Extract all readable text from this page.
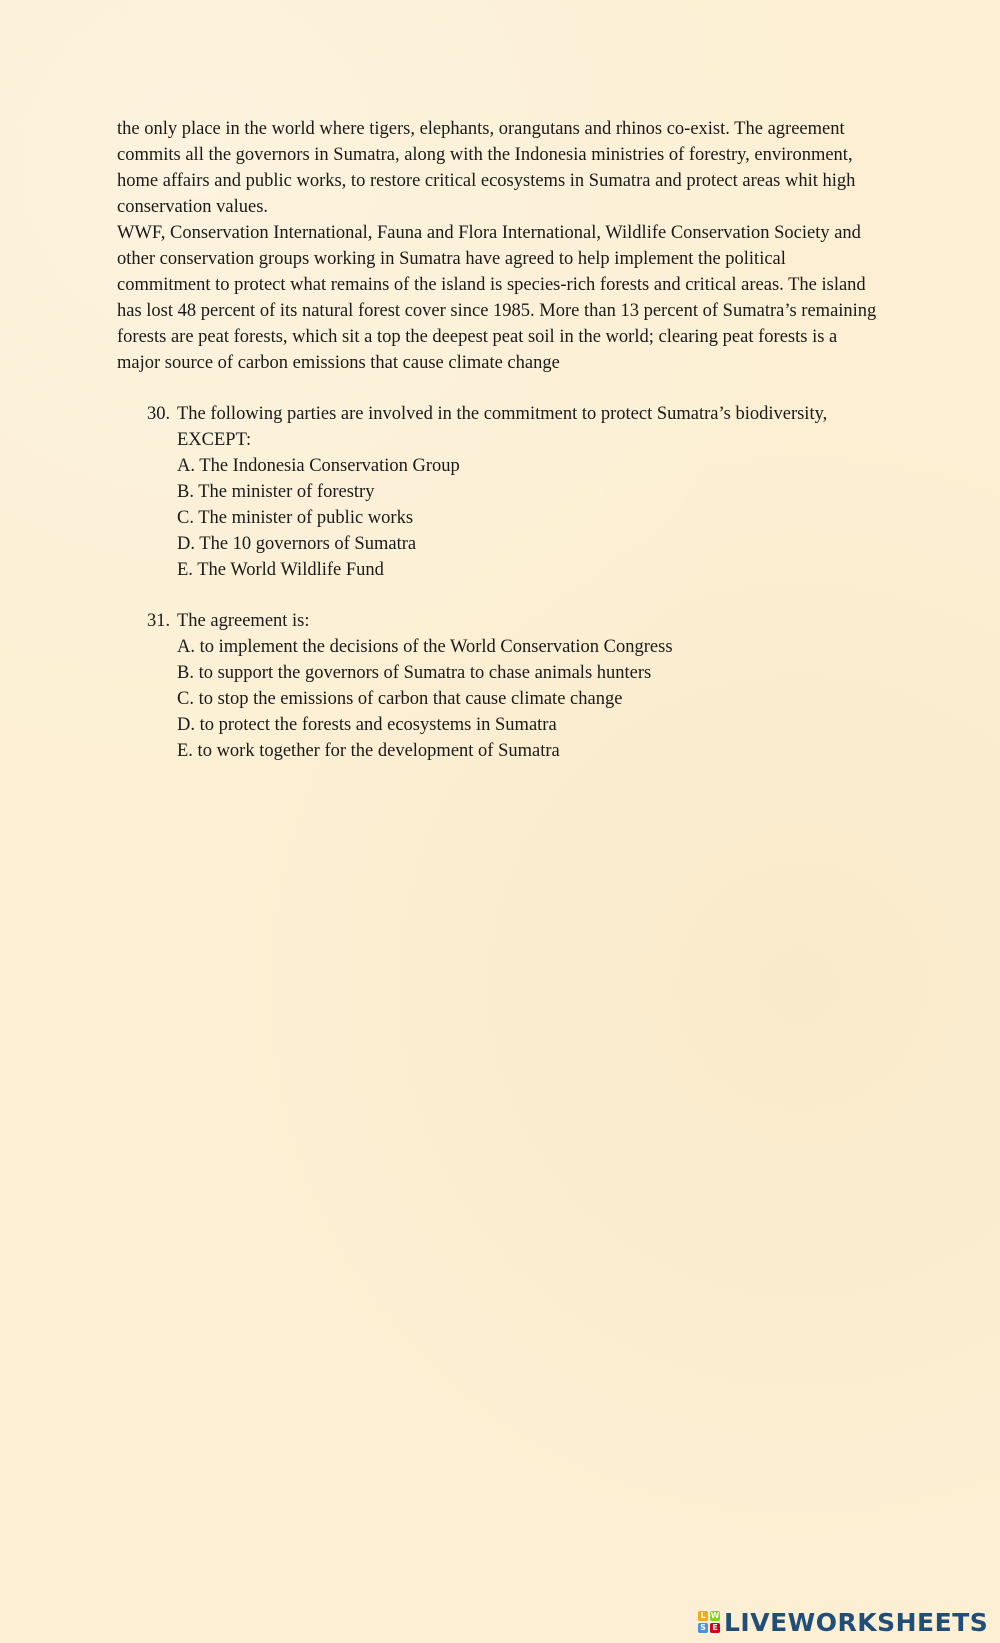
the only place in the world where tigers, elephants, orangutans and rhinos co-exist. The agreement commits all the governors in Sumatra, along with the Indonesia ministries of forestry, environment, home affairs and public works, to restore critical ecosystems in Sumatra and protect areas whit high conservation values.

WWF, Conservation International, Fauna and Flora International, Wildlife Conservation Society and other conservation groups working in Sumatra have agreed to help implement the political commitment to protect what remains of the island is species-rich forests and critical areas. The island has lost 48 percent of its natural forest cover since 1985. More than 13 percent of Sumatra’s remaining forests are peat forests, which sit a top the deepest peat soil in the world; clearing peat forests is a major source of carbon emissions that cause climate change

30. The following parties are involved in the commitment to protect Sumatra’s biodiversity,
EXCEPT:
A. The Indonesia Conservation Group
B. The minister of forestry
C. The minister of public works
D. The 10 governors of Sumatra
E. The World Wildlife Fund
31. The agreement is:
A. to implement the decisions of the World Conservation Congress
B. to support the governors of Sumatra to chase animals hunters
C. to stop the emissions of carbon that cause climate change
D. to protect the forests and ecosystems in Sumatra
E. to work together for the development of Sumatra
L W
S E LIVEWORKSHEETS
